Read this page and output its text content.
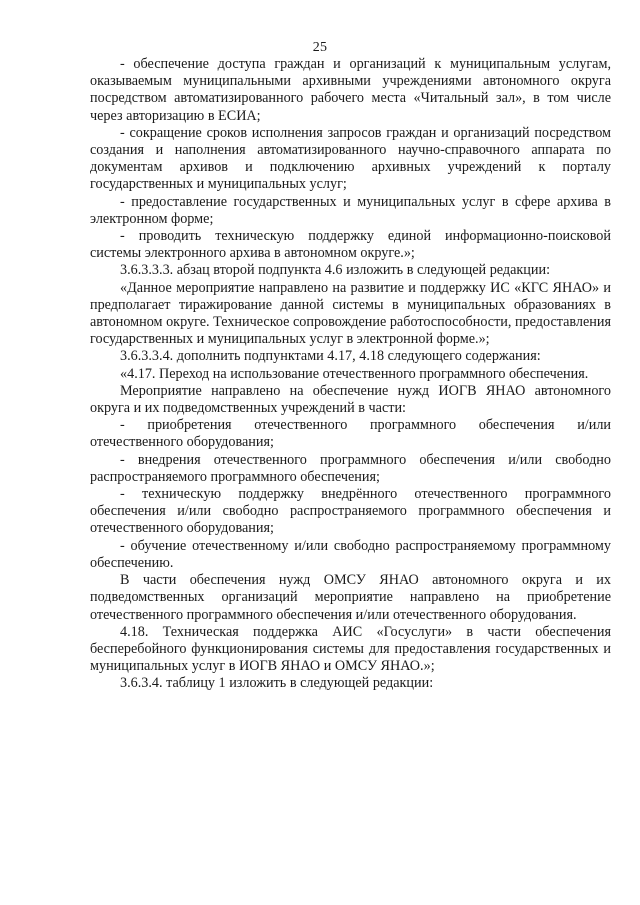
25

- обеспечение доступа граждан и организаций к муниципальным услугам, оказываемым муниципальными архивными учреждениями автономного округа посредством автоматизированного рабочего места «Читальный зал», в том числе через авторизацию в ЕСИА;

- сокращение сроков исполнения запросов граждан и организаций посредством создания и наполнения автоматизированного научно-справочного аппарата по документам архивов и подключению архивных учреждений к порталу государственных и муниципальных услуг;

- предоставление государственных и муниципальных услуг в сфере архива в электронном форме;

- проводить техническую поддержку единой информационно-поисковой системы электронного архива в автономном округе.»;

3.6.3.3.3. абзац второй подпункта 4.6 изложить в следующей редакции:

«Данное мероприятие направлено на развитие и поддержку ИС «КГС ЯНАО» и предполагает тиражирование данной системы в муниципальных образованиях в автономном округе. Техническое сопровождение работоспособности, предоставления государственных и муниципальных услуг в электронной форме.»;

3.6.3.3.4. дополнить подпунктами 4.17, 4.18 следующего содержания:

«4.17. Переход на использование отечественного программного обеспечения.

Мероприятие направлено на обеспечение нужд ИОГВ ЯНАО автономного округа и их подведомственных учреждений в части:

- приобретения отечественного программного обеспечения и/или отечественного оборудования;

- внедрения отечественного программного обеспечения и/или свободно распространяемого программного обеспечения;

- техническую поддержку внедрённого отечественного программного обеспечения и/или свободно распространяемого программного обеспечения и отечественного оборудования;

- обучение отечественному и/или свободно распространяемому программному обеспечению.

В части обеспечения нужд ОМСУ ЯНАО автономного округа и их подведомственных организаций мероприятие направлено на приобретение отечественного программного обеспечения и/или отечественного оборудования.

4.18. Техническая поддержка АИС «Госуслуги» в части обеспечения бесперебойного функционирования системы для предоставления государственных и муниципальных услуг в ИОГВ ЯНАО и ОМСУ ЯНАО.»;

3.6.3.4. таблицу 1 изложить в следующей редакции:
